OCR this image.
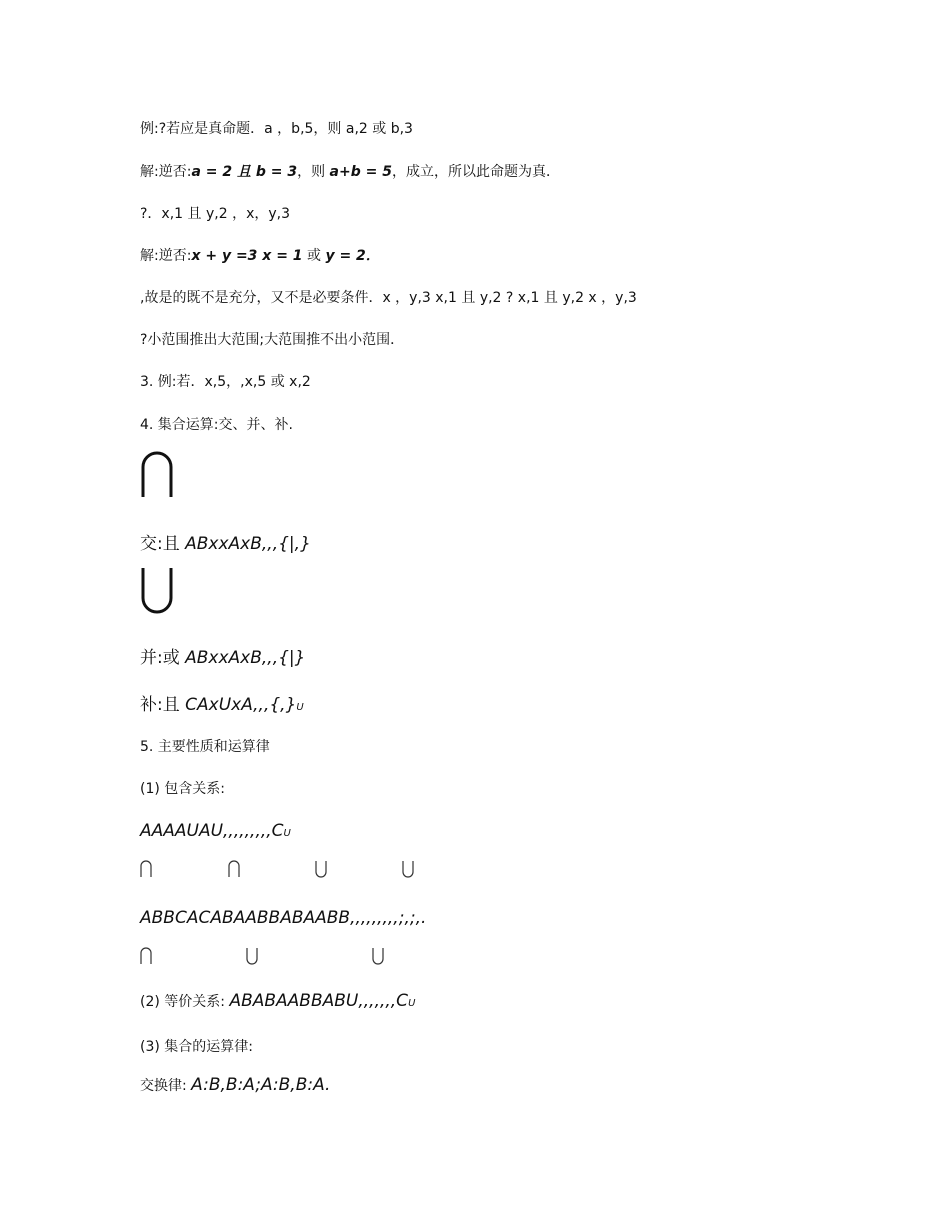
例:?若应是真命题．a ，b,5，则 a,2 或 b,3
解:逆否:a = 2 且 b = 3，则 a+b = 5，成立，所以此命题为真．
?．x,1 且 y,2 ，x，y,3
解:逆否:x + y =3 x = 1 或 y = 2．
,故是的既不是充分，又不是必要条件．x ，y,3 x,1 且 y,2 ? x,1 且 y,2 x ，y,3
?小范围推出大范围;大范围推不出小范围．
3. 例:若．x,5，,x,5 或 x,2
4. 集合运算:交、并、补.
交:且 ABxxAxB,,,{|,}
并:或 ABxxAxB,,,{|}
补:且 CAxUxA,,,{,}U
5. 主要性质和运算律
(1) 包含关系:
AAAAUAU,,,,,,,,,CU
ABBCACABAABBABAABB,,,,,,,,,;,;,.
(2) 等价关系: ABABAABBABU,,,,,,,CU
(3) 集合的运算律:
交换律: A:B,B:A;A:B,B:A.
